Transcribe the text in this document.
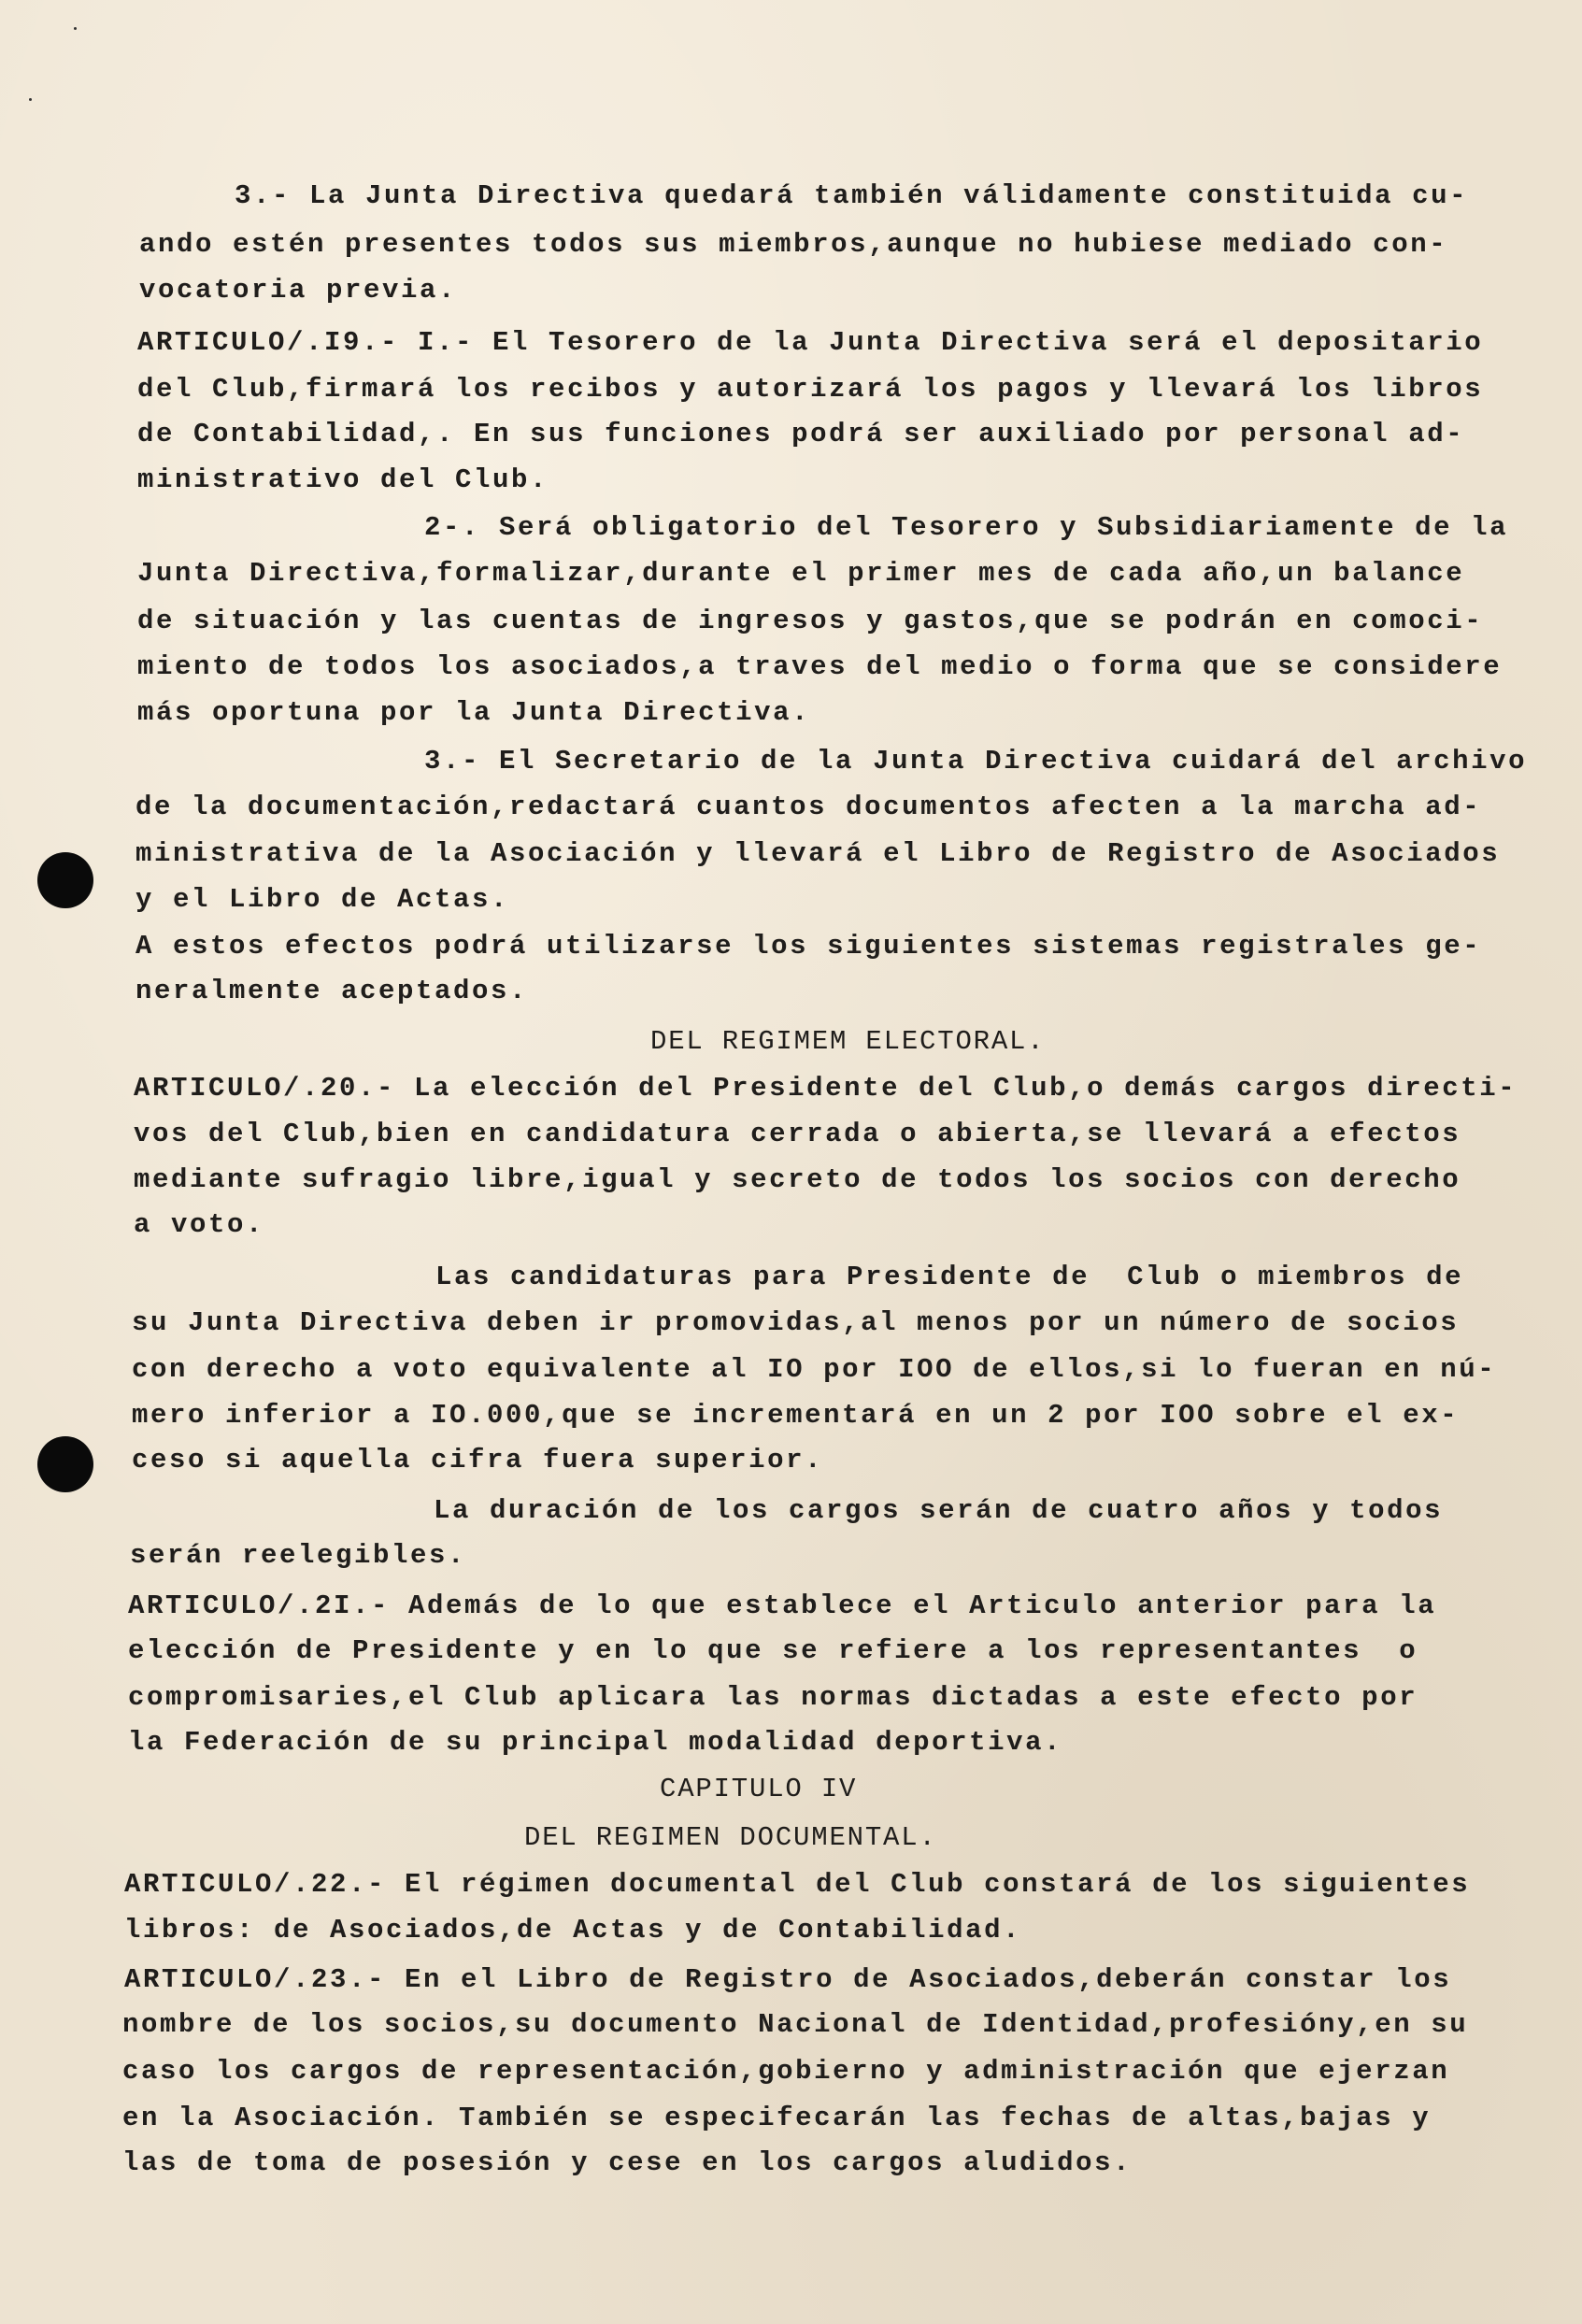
3.- La Junta Directiva quedará también válidamente constituida cu-

ando estén presentes todos sus miembros,aunque no hubiese mediado con-

vocatoria previa.

ARTICULO/.I9.- I.- El Tesorero de la Junta Directiva será el depositario

del Club,firmará los recibos y autorizará los pagos y llevará los libros

de Contabilidad,. En sus funciones podrá ser auxiliado por personal ad-

ministrativo del Club.

2-. Será obligatorio del Tesorero y Subsidiariamente de la

Junta Directiva,formalizar,durante el primer mes de cada año,un balance

de situación y las cuentas de ingresos y gastos,que se podrán en comoci-

miento de todos los asociados,a traves del medio o forma que se considere

más oportuna por la Junta Directiva.

3.- El Secretario de la Junta Directiva cuidará del archivo

de la documentación,redactará cuantos documentos afecten a la marcha ad-

ministrativa de la Asociación y llevará el Libro de Registro de Asociados

y el Libro de Actas.

A estos efectos podrá utilizarse los siguientes sistemas registrales ge-

neralmente aceptados.

DEL REGIMEM ELECTORAL.

ARTICULO/.20.- La elección del Presidente del Club,o demás cargos directi-

vos del Club,bien en candidatura cerrada o abierta,se llevará a efectos

mediante sufragio libre,igual y secreto de todos los socios con derecho

a voto.

Las candidaturas para Presidente de  Club o miembros de

su Junta Directiva deben ir promovidas,al menos por un número de socios

con derecho a voto equivalente al IO por IOO de ellos,si lo fueran en nú-

mero inferior a IO.000,que se incrementará en un 2 por IOO sobre el ex-

ceso si aquella cifra fuera superior.

La duración de los cargos serán de cuatro años y todos

serán reelegibles.

ARTICULO/.2I.- Además de lo que establece el Articulo anterior para la

elección de Presidente y en lo que se refiere a los representantes  o

compromisaries,el Club aplicara las normas dictadas a este efecto por

la Federación de su principal modalidad deportiva.

CAPITULO IV

DEL REGIMEN DOCUMENTAL.

ARTICULO/.22.- El régimen documental del Club constará de los siguientes

libros: de Asociados,de Actas y de Contabilidad.

ARTICULO/.23.- En el Libro de Registro de Asociados,deberán constar los

nombre de los socios,su documento Nacional de Identidad,profesióny,en su

caso los cargos de representación,gobierno y administración que ejerzan

en la Asociación. También se especifecarán las fechas de altas,bajas y

las de toma de posesión y cese en los cargos aludidos.
